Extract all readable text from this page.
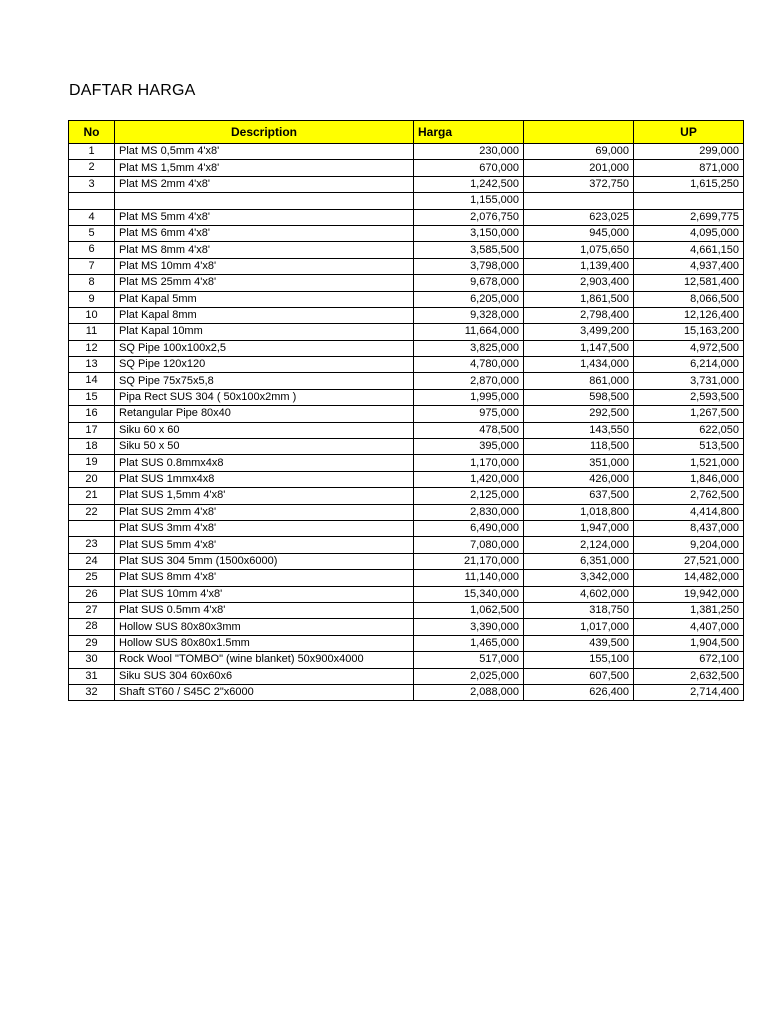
DAFTAR HARGA
No	Description	Harga		UP
1	Plat MS 0,5mm 4'x8'	230,000	69,000	299,000
2	Plat MS 1,5mm 4'x8'	670,000	201,000	871,000
3	Plat MS 2mm 4'x8'	1,242,500	372,750	1,615,250
		1,155,000		
4	Plat MS 5mm 4'x8'	2,076,750	623,025	2,699,775
5	Plat MS 6mm 4'x8'	3,150,000	945,000	4,095,000
6	Plat MS 8mm 4'x8'	3,585,500	1,075,650	4,661,150
7	Plat MS 10mm 4'x8'	3,798,000	1,139,400	4,937,400
8	Plat MS 25mm 4'x8'	9,678,000	2,903,400	12,581,400
9	Plat Kapal 5mm	6,205,000	1,861,500	8,066,500
10	Plat Kapal 8mm	9,328,000	2,798,400	12,126,400
11	Plat Kapal 10mm	11,664,000	3,499,200	15,163,200
12	SQ Pipe 100x100x2,5	3,825,000	1,147,500	4,972,500
13	SQ Pipe 120x120	4,780,000	1,434,000	6,214,000
14	SQ Pipe 75x75x5,8	2,870,000	861,000	3,731,000
15	Pipa Rect SUS 304 ( 50x100x2mm )	1,995,000	598,500	2,593,500
16	Retangular Pipe 80x40	975,000	292,500	1,267,500
17	Siku 60 x 60	478,500	143,550	622,050
18	Siku 50 x 50	395,000	118,500	513,500
19	Plat SUS 0.8mmx4x8	1,170,000	351,000	1,521,000
20	Plat SUS 1mmx4x8	1,420,000	426,000	1,846,000
21	Plat SUS 1,5mm 4'x8'	2,125,000	637,500	2,762,500
22	Plat SUS 2mm 4'x8'	2,830,000	1,018,800	4,414,800
	Plat SUS 3mm 4'x8'	6,490,000	1,947,000	8,437,000
23	Plat SUS 5mm 4'x8'	7,080,000	2,124,000	9,204,000
24	Plat SUS 304 5mm (1500x6000)	21,170,000	6,351,000	27,521,000
25	Plat SUS 8mm 4'x8'	11,140,000	3,342,000	14,482,000
26	Plat SUS 10mm 4'x8'	15,340,000	4,602,000	19,942,000
27	Plat SUS 0.5mm 4'x8'	1,062,500	318,750	1,381,250
28	Hollow SUS 80x80x3mm	3,390,000	1,017,000	4,407,000
29	Hollow SUS 80x80x1.5mm	1,465,000	439,500	1,904,500
30	Rock Wool "TOMBO" (wine blanket) 50x900x4000	517,000	155,100	672,100
31	Siku SUS 304 60x60x6	2,025,000	607,500	2,632,500
32	Shaft ST60 / S45C 2"x6000	2,088,000	626,400	2,714,400
